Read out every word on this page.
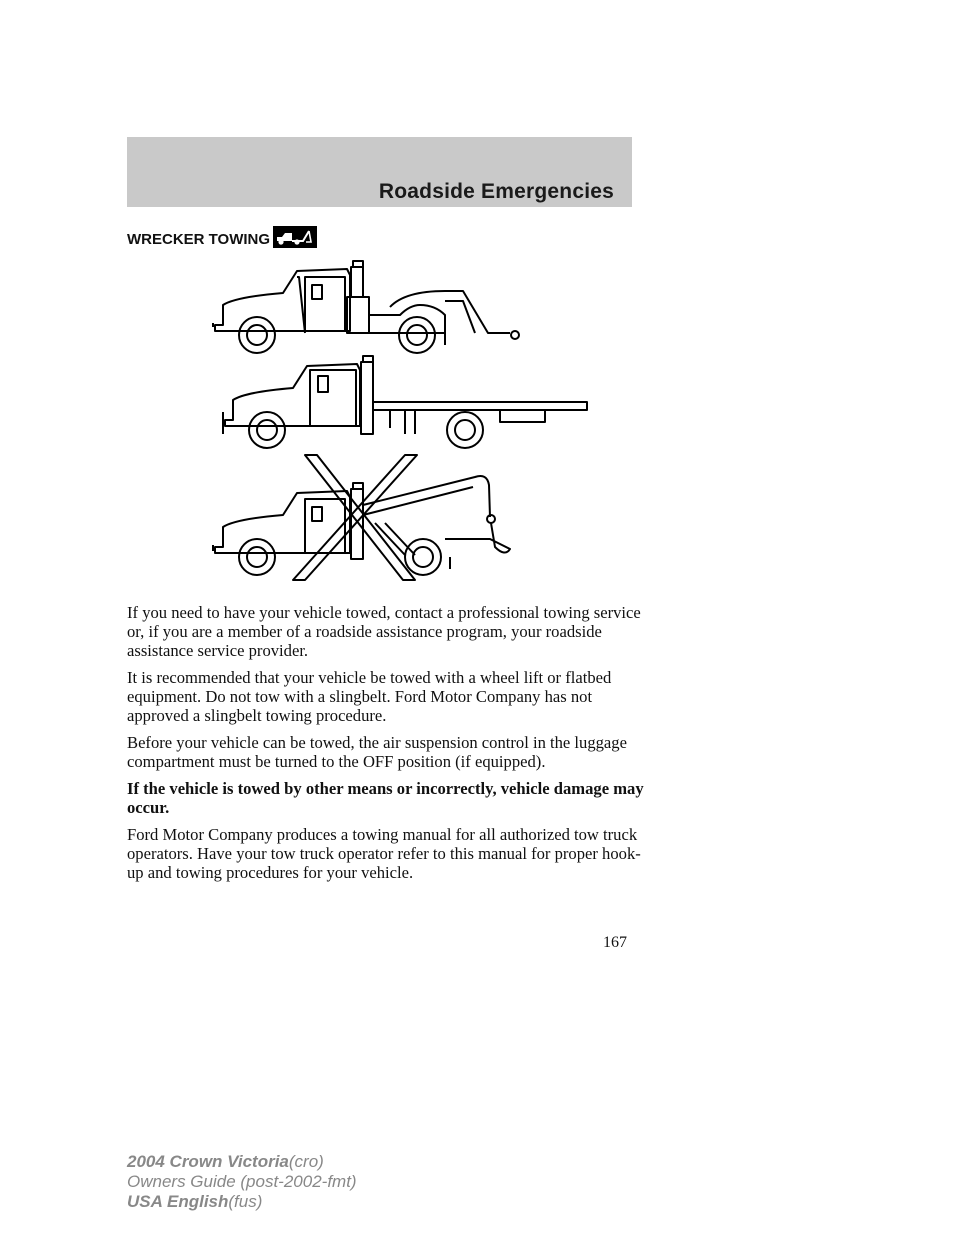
Roadside Emergencies
WRECKER TOWING

If you need to have your vehicle towed, contact a professional towing service or, if you are a member of a roadside assistance program, your roadside assistance service provider.

It is recommended that your vehicle be towed with a wheel lift or flatbed equipment. Do not tow with a slingbelt. Ford Motor Company has not approved a slingbelt towing procedure.

Before your vehicle can be towed, the air suspension control in the luggage compartment must be turned to the OFF position (if equipped).

If the vehicle is towed by other means or incorrectly, vehicle damage may occur.

Ford Motor Company produces a towing manual for all authorized tow truck operators. Have your tow truck operator refer to this manual for proper hook-up and towing procedures for your vehicle.

167
2004 Crown Victoria(cro)
Owners Guide (post-2002-fmt)
USA English(fus)
